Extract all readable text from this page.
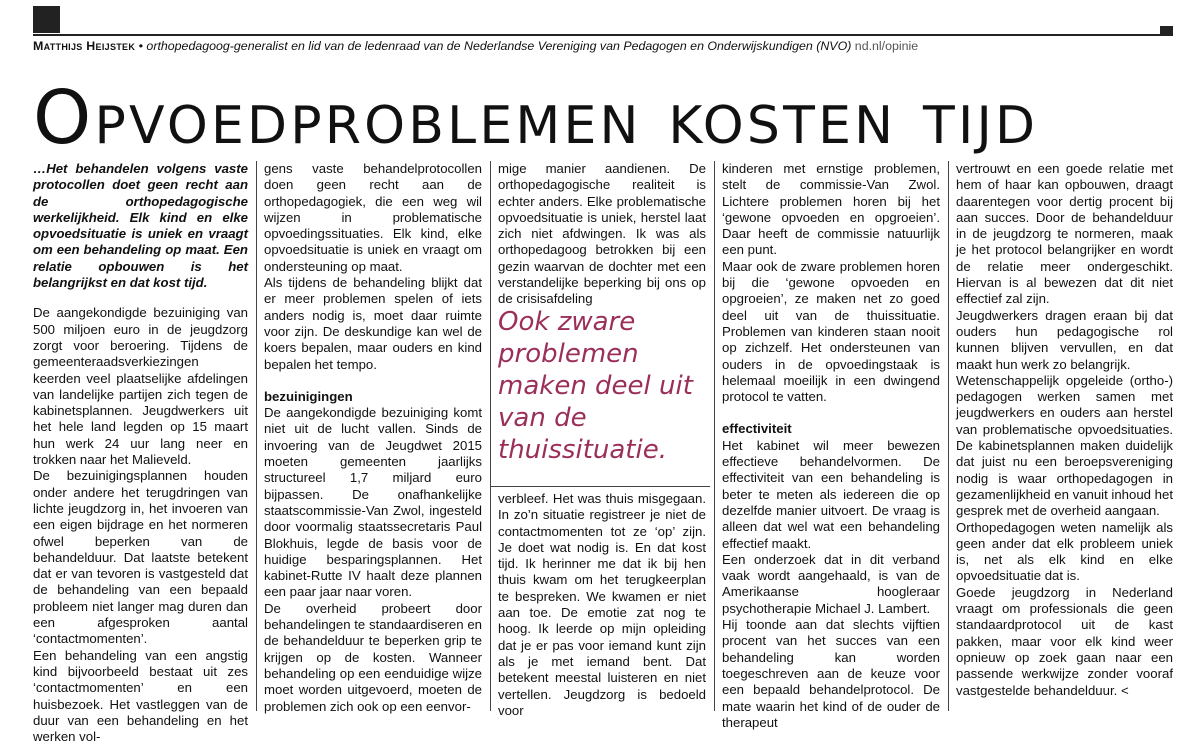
Matthijs Heijstek • orthopedagoog-generalist en lid van de ledenraad van de Nederlandse Vereniging van Pedagogen en Onderwijskundigen (NVO) nd.nl/opinie
Opvoedproblemen kosten tijd

…Het behandelen volgens vaste protocollen doet geen recht aan de orthopedagogische werkelijkheid. Elk kind en elke opvoedsituatie is uniek en vraagt om een behandeling op maat. Een relatie opbouwen is het belangrijkst en dat kost tijd.

De aangekondigde bezuiniging van 500 miljoen euro in de jeugdzorg zorgt voor beroering. Tijdens de gemeenteraadsverkiezingen keerden veel plaatselijke afdelingen van landelijke partijen zich tegen de kabinetsplannen. Jeugdwerkers uit het hele land legden op 15 maart hun werk 24 uur lang neer en trokken naar het Malieveld.

De bezuinigingsplannen houden onder andere het terugdringen van lichte jeugdzorg in, het invoeren van een eigen bijdrage en het normeren ofwel beperken van de behandelduur. Dat laatste betekent dat er van tevoren is vastgesteld dat de behandeling van een bepaald probleem niet langer mag duren dan een afgesproken aantal ‘contactmomenten’.

Een behandeling van een angstig kind bijvoorbeeld bestaat uit zes ‘contactmomenten’ en een huisbezoek. Het vastleggen van de duur van een behandeling en het werken vol-

gens vaste behandelprotocollen doen geen recht aan de orthopedagogiek, die een weg wil wijzen in problematische opvoedingssituaties. Elk kind, elke opvoedsituatie is uniek en vraagt om ondersteuning op maat.

Als tijdens de behandeling blijkt dat er meer problemen spelen of iets anders nodig is, moet daar ruimte voor zijn. De deskundige kan wel de koers bepalen, maar ouders en kind bepalen het tempo.

bezuinigingen

De aangekondigde bezuiniging komt niet uit de lucht vallen. Sinds de invoering van de Jeugdwet 2015 moeten gemeenten jaarlijks structureel 1,7 miljard euro bijpassen. De onafhankelijke staatscommissie-Van Zwol, ingesteld door voormalig staatssecretaris Paul Blokhuis, legde de basis voor de huidige besparingsplannen. Het kabinet-Rutte IV haalt deze plannen een paar jaar naar voren.

De overheid probeert door behandelingen te standaardiseren en de behandelduur te beperken grip te krijgen op de kosten. Wanneer behandeling op een eenduidige wijze moet worden uitgevoerd, moeten de problemen zich ook op een eenvor-

mige manier aandienen. De orthopedagogische realiteit is echter anders. Elke problematische opvoedsituatie is uniek, herstel laat zich niet afdwingen. Ik was als orthopedagoog betrokken bij een gezin waarvan de dochter met een verstandelijke beperking bij ons op de crisisafdeling

Ook zware problemen maken deel uit van de thuissituatie.

verbleef. Het was thuis misgegaan. In zo’n situatie registreer je niet de contactmomenten tot ze ‘op’ zijn. Je doet wat nodig is. En dat kost tijd. Ik herinner me dat ik bij hen thuis kwam om het terugkeerplan te bespreken. We kwamen er niet aan toe. De emotie zat nog te hoog. Ik leerde op mijn opleiding dat je er pas voor iemand kunt zijn als je met iemand bent. Dat betekent meestal luisteren en niet vertellen. Jeugdzorg is bedoeld voor

kinderen met ernstige problemen, stelt de commissie-Van Zwol. Lichtere problemen horen bij het ‘gewone opvoeden en opgroeien’. Daar heeft de commissie natuurlijk een punt.

Maar ook de zware problemen horen bij die ‘gewone opvoeden en opgroeien’, ze maken net zo goed deel uit van de thuissituatie. Problemen van kinderen staan nooit op zichzelf. Het ondersteunen van ouders in de opvoedingstaak is helemaal moeilijk in een dwingend protocol te vatten.

effectiviteit

Het kabinet wil meer bewezen effectieve behandelvormen. De effectiviteit van een behandeling is beter te meten als iedereen die op dezelfde manier uitvoert. De vraag is alleen dat wel wat een behandeling effectief maakt.

Een onderzoek dat in dit verband vaak wordt aangehaald, is van de Amerikaanse hoogleraar psychotherapie Michael J. Lambert.

Hij toonde aan dat slechts vijftien procent van het succes van een behandeling kan worden toegeschreven aan de keuze voor een bepaald behandelprotocol. De mate waarin het kind of de ouder de therapeut

vertrouwt en een goede relatie met hem of haar kan opbouwen, draagt daarentegen voor dertig procent bij aan succes. Door de behandelduur in de jeugdzorg te normeren, maak je het protocol belangrijker en wordt de relatie meer ondergeschikt. Hiervan is al bewezen dat dit niet effectief zal zijn.

Jeugdwerkers dragen eraan bij dat ouders hun pedagogische rol kunnen blijven vervullen, en dat maakt hun werk zo belangrijk.

Wetenschappelijk opgeleide (ortho-) pedagogen werken samen met jeugdwerkers en ouders aan herstel van problematische opvoedsituaties. De kabinetsplannen maken duidelijk dat juist nu een beroepsvereniging nodig is waar orthopedagogen in gezamenlijkheid en vanuit inhoud het gesprek met de overheid aangaan.

Orthopedagogen weten namelijk als geen ander dat elk probleem uniek is, net als elk kind en elke opvoedsituatie dat is.

Goede jeugdzorg in Nederland vraagt om professionals die geen standaardprotocol uit de kast pakken, maar voor elk kind weer opnieuw op zoek gaan naar een passende werkwijze zonder vooraf vastgestelde behandelduur. <
